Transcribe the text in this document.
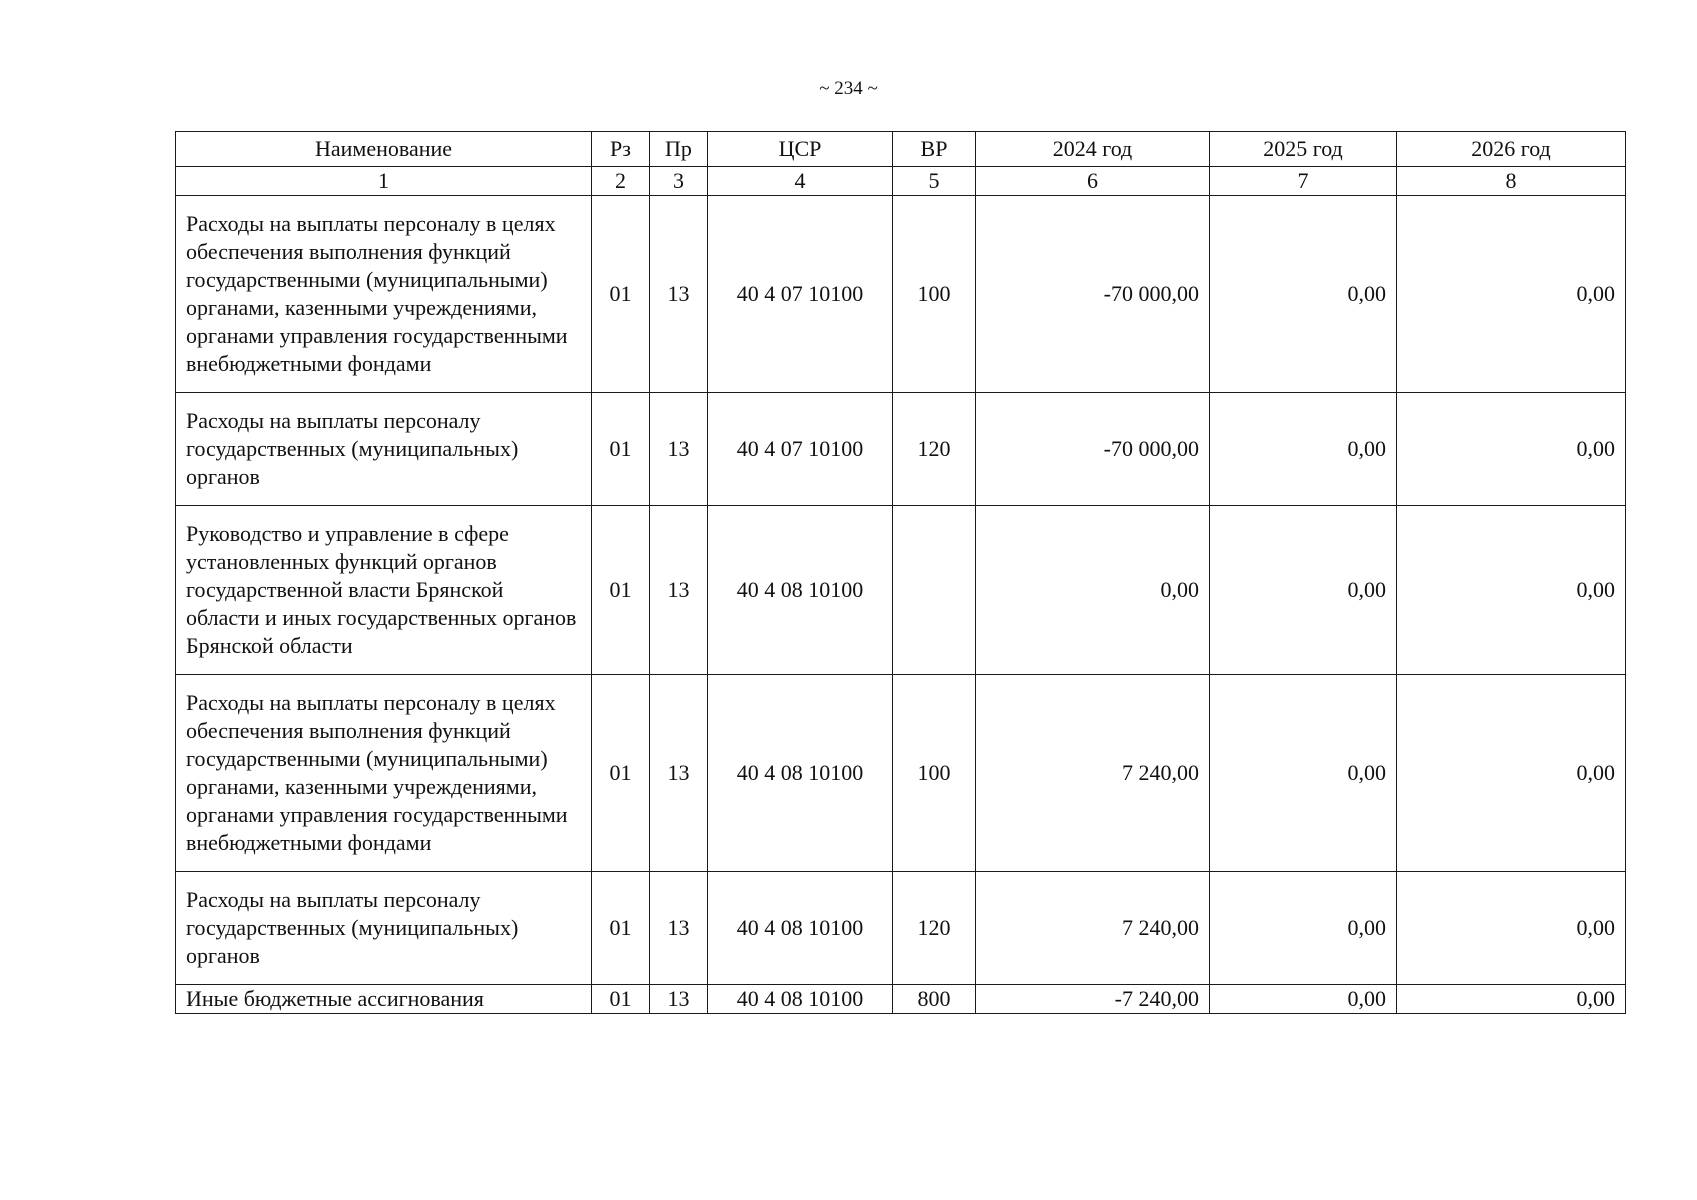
~ 234 ~
Наименование	Рз	Пр	ЦСР	ВР	2024 год	2025 год	2026 год
1	2	3	4	5	6	7	8
Расходы на выплаты персоналу в целях обеспечения выполнения функций государственными (муниципальными) органами, казенными учреждениями, органами управления государственными внебюджетными фондами	01	13	40 4 07 10100	100	-70 000,00	0,00	0,00
Расходы на выплаты персоналу государственных (муниципальных) органов	01	13	40 4 07 10100	120	-70 000,00	0,00	0,00
Руководство и управление в сфере установленных функций органов государственной власти Брянской области и иных государственных органов Брянской области	01	13	40 4 08 10100		0,00	0,00	0,00
Расходы на выплаты персоналу в целях обеспечения выполнения функций государственными (муниципальными) органами, казенными учреждениями, органами управления государственными внебюджетными фондами	01	13	40 4 08 10100	100	7 240,00	0,00	0,00
Расходы на выплаты персоналу государственных (муниципальных) органов	01	13	40 4 08 10100	120	7 240,00	0,00	0,00
Иные бюджетные ассигнования	01	13	40 4 08 10100	800	-7 240,00	0,00	0,00
